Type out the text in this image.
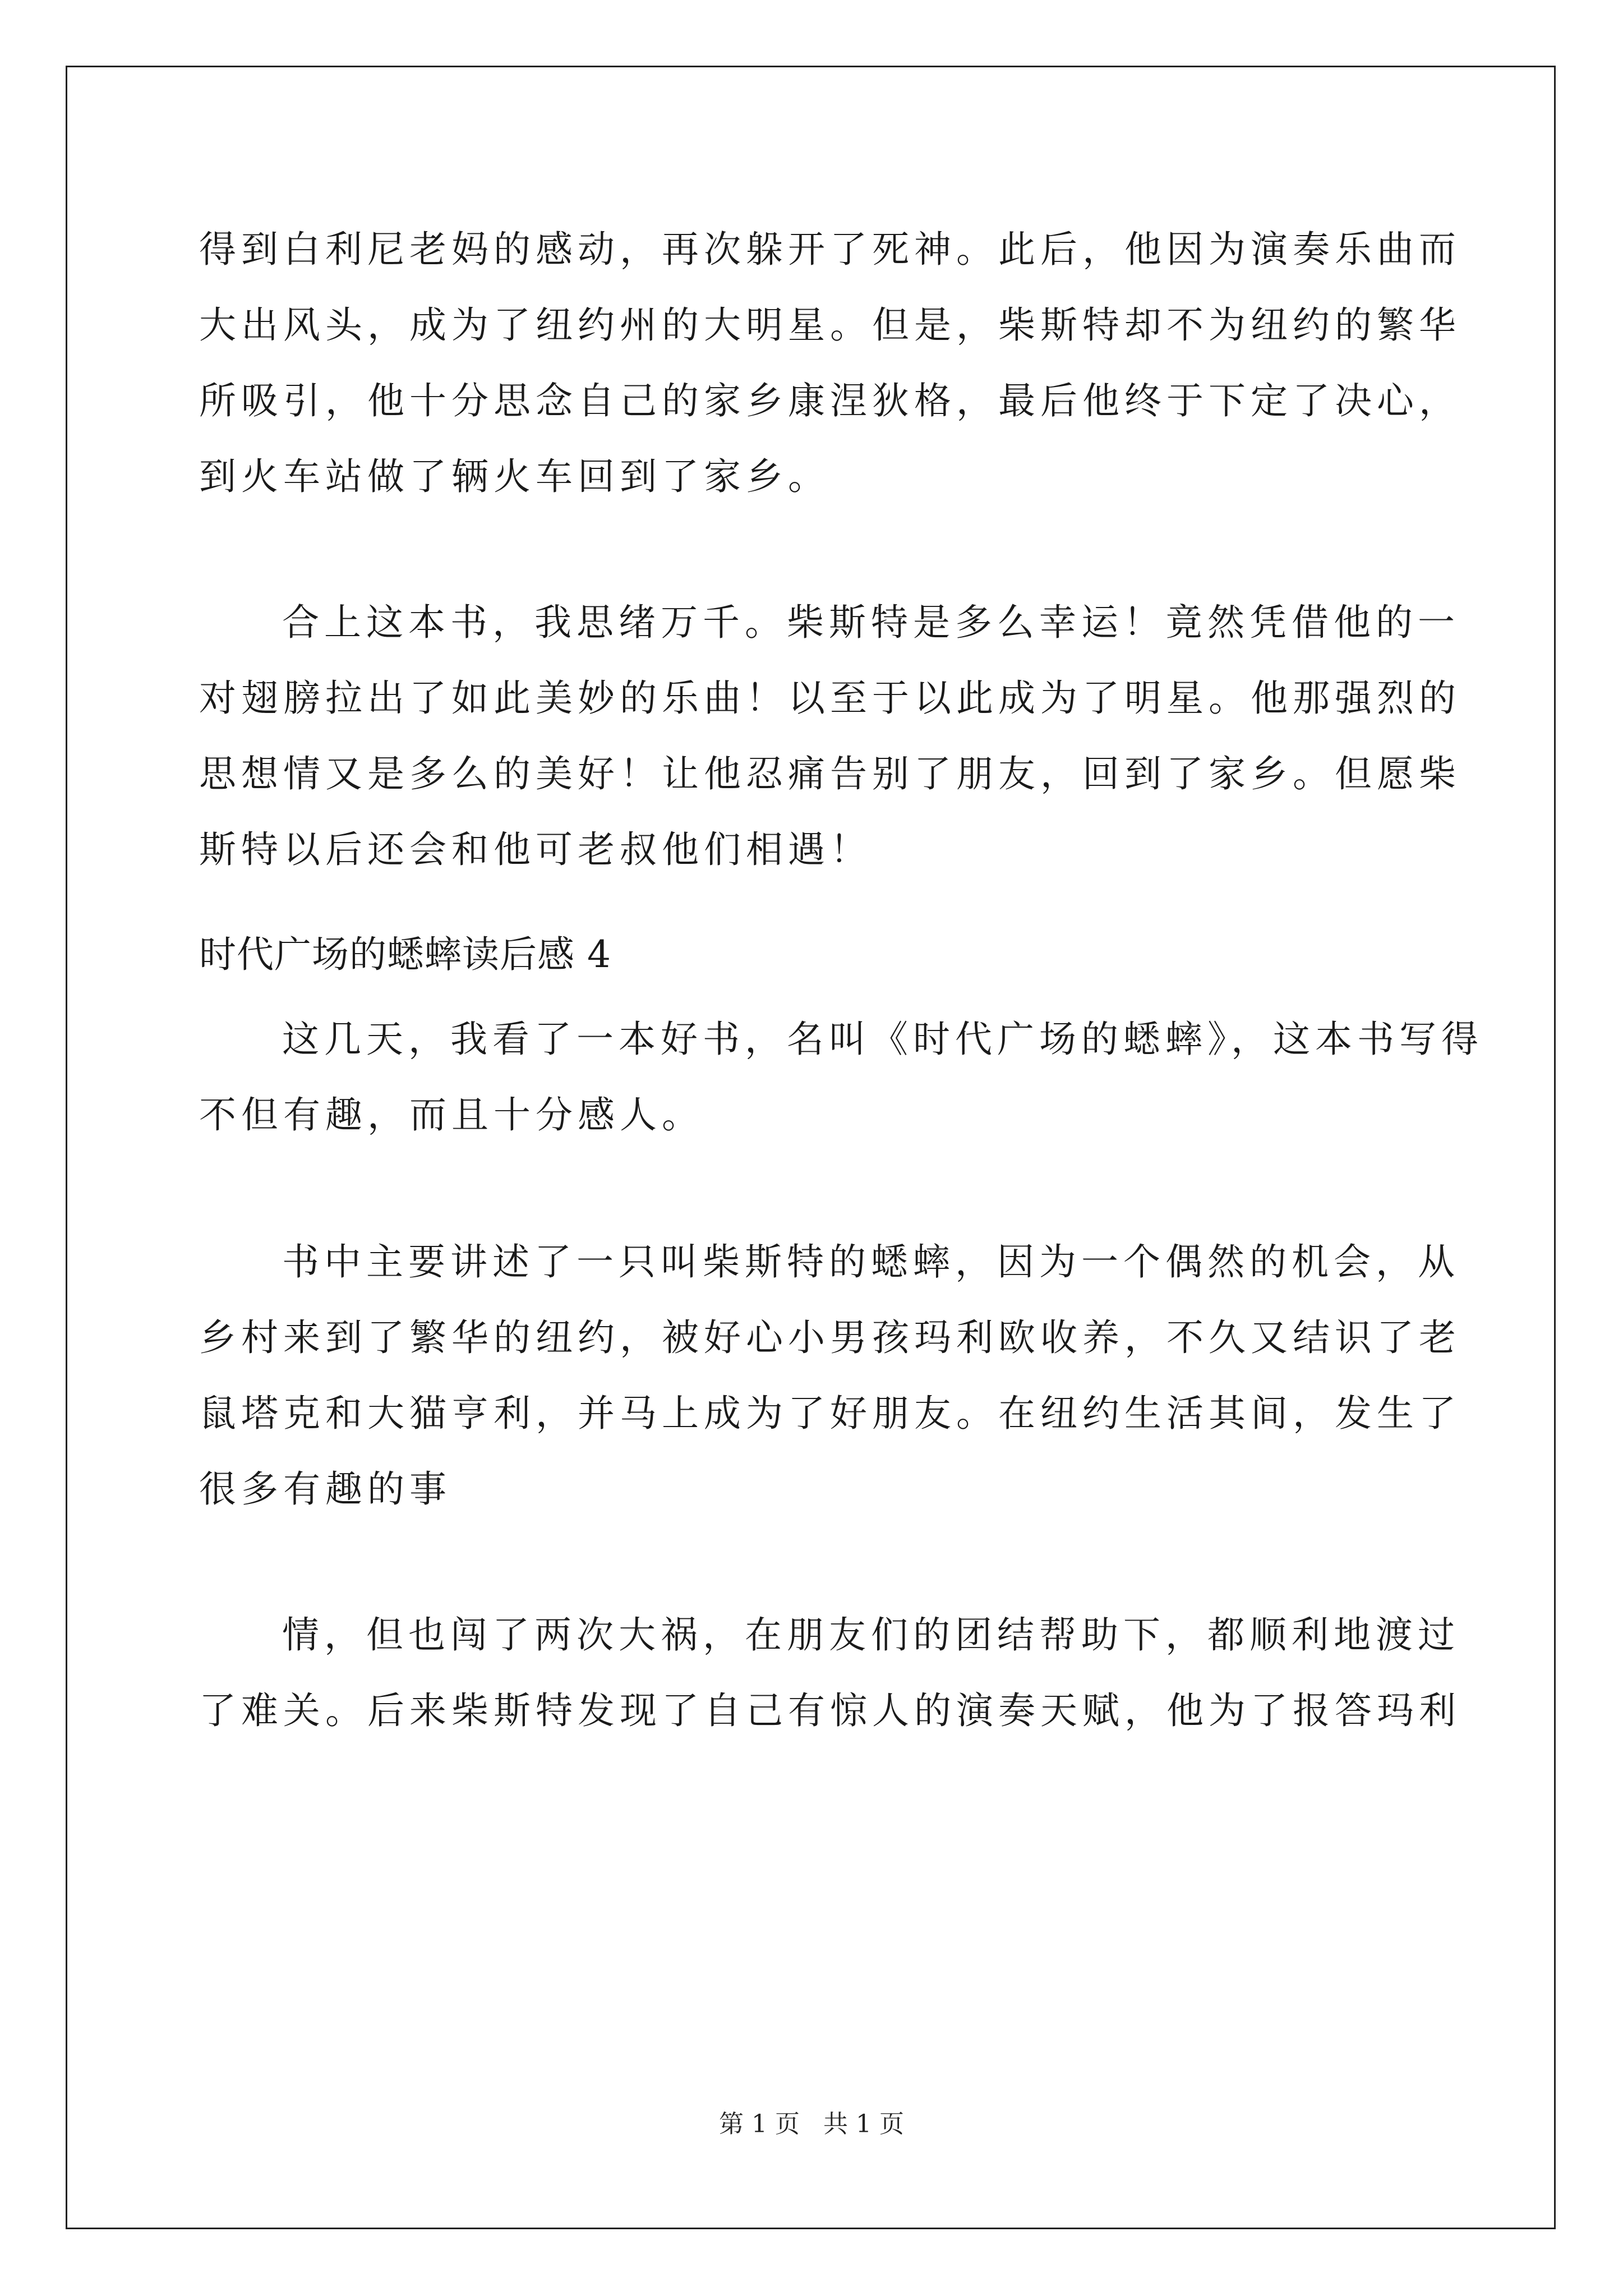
得到白利尼老妈的感动，再次躲开了死神。此后，他因为演奏乐曲而
大出风头，成为了纽约州的大明星。但是，柴斯特却不为纽约的繁华
所吸引，他十分思念自己的家乡康涅狄格，最后他终于下定了决心，
到火车站做了辆火车回到了家乡。
合上这本书，我思绪万千。柴斯特是多么幸运！竟然凭借他的一
对翅膀拉出了如此美妙的乐曲！以至于以此成为了明星。他那强烈的
思想情又是多么的美好！让他忍痛告别了朋友，回到了家乡。但愿柴
斯特以后还会和他可老叔他们相遇！
时代广场的蟋蟀读后感 4
这几天，我看了一本好书，名叫《时代广场的蟋蟀》，这本书写得
不但有趣，而且十分感人。
书中主要讲述了一只叫柴斯特的蟋蟀，因为一个偶然的机会，从
乡村来到了繁华的纽约，被好心小男孩玛利欧收养，不久又结识了老
鼠塔克和大猫亨利，并马上成为了好朋友。在纽约生活其间，发生了
很多有趣的事
情，但也闯了两次大祸，在朋友们的团结帮助下，都顺利地渡过
了难关。后来柴斯特发现了自己有惊人的演奏天赋，他为了报答玛利
第 1 页   共 1 页
